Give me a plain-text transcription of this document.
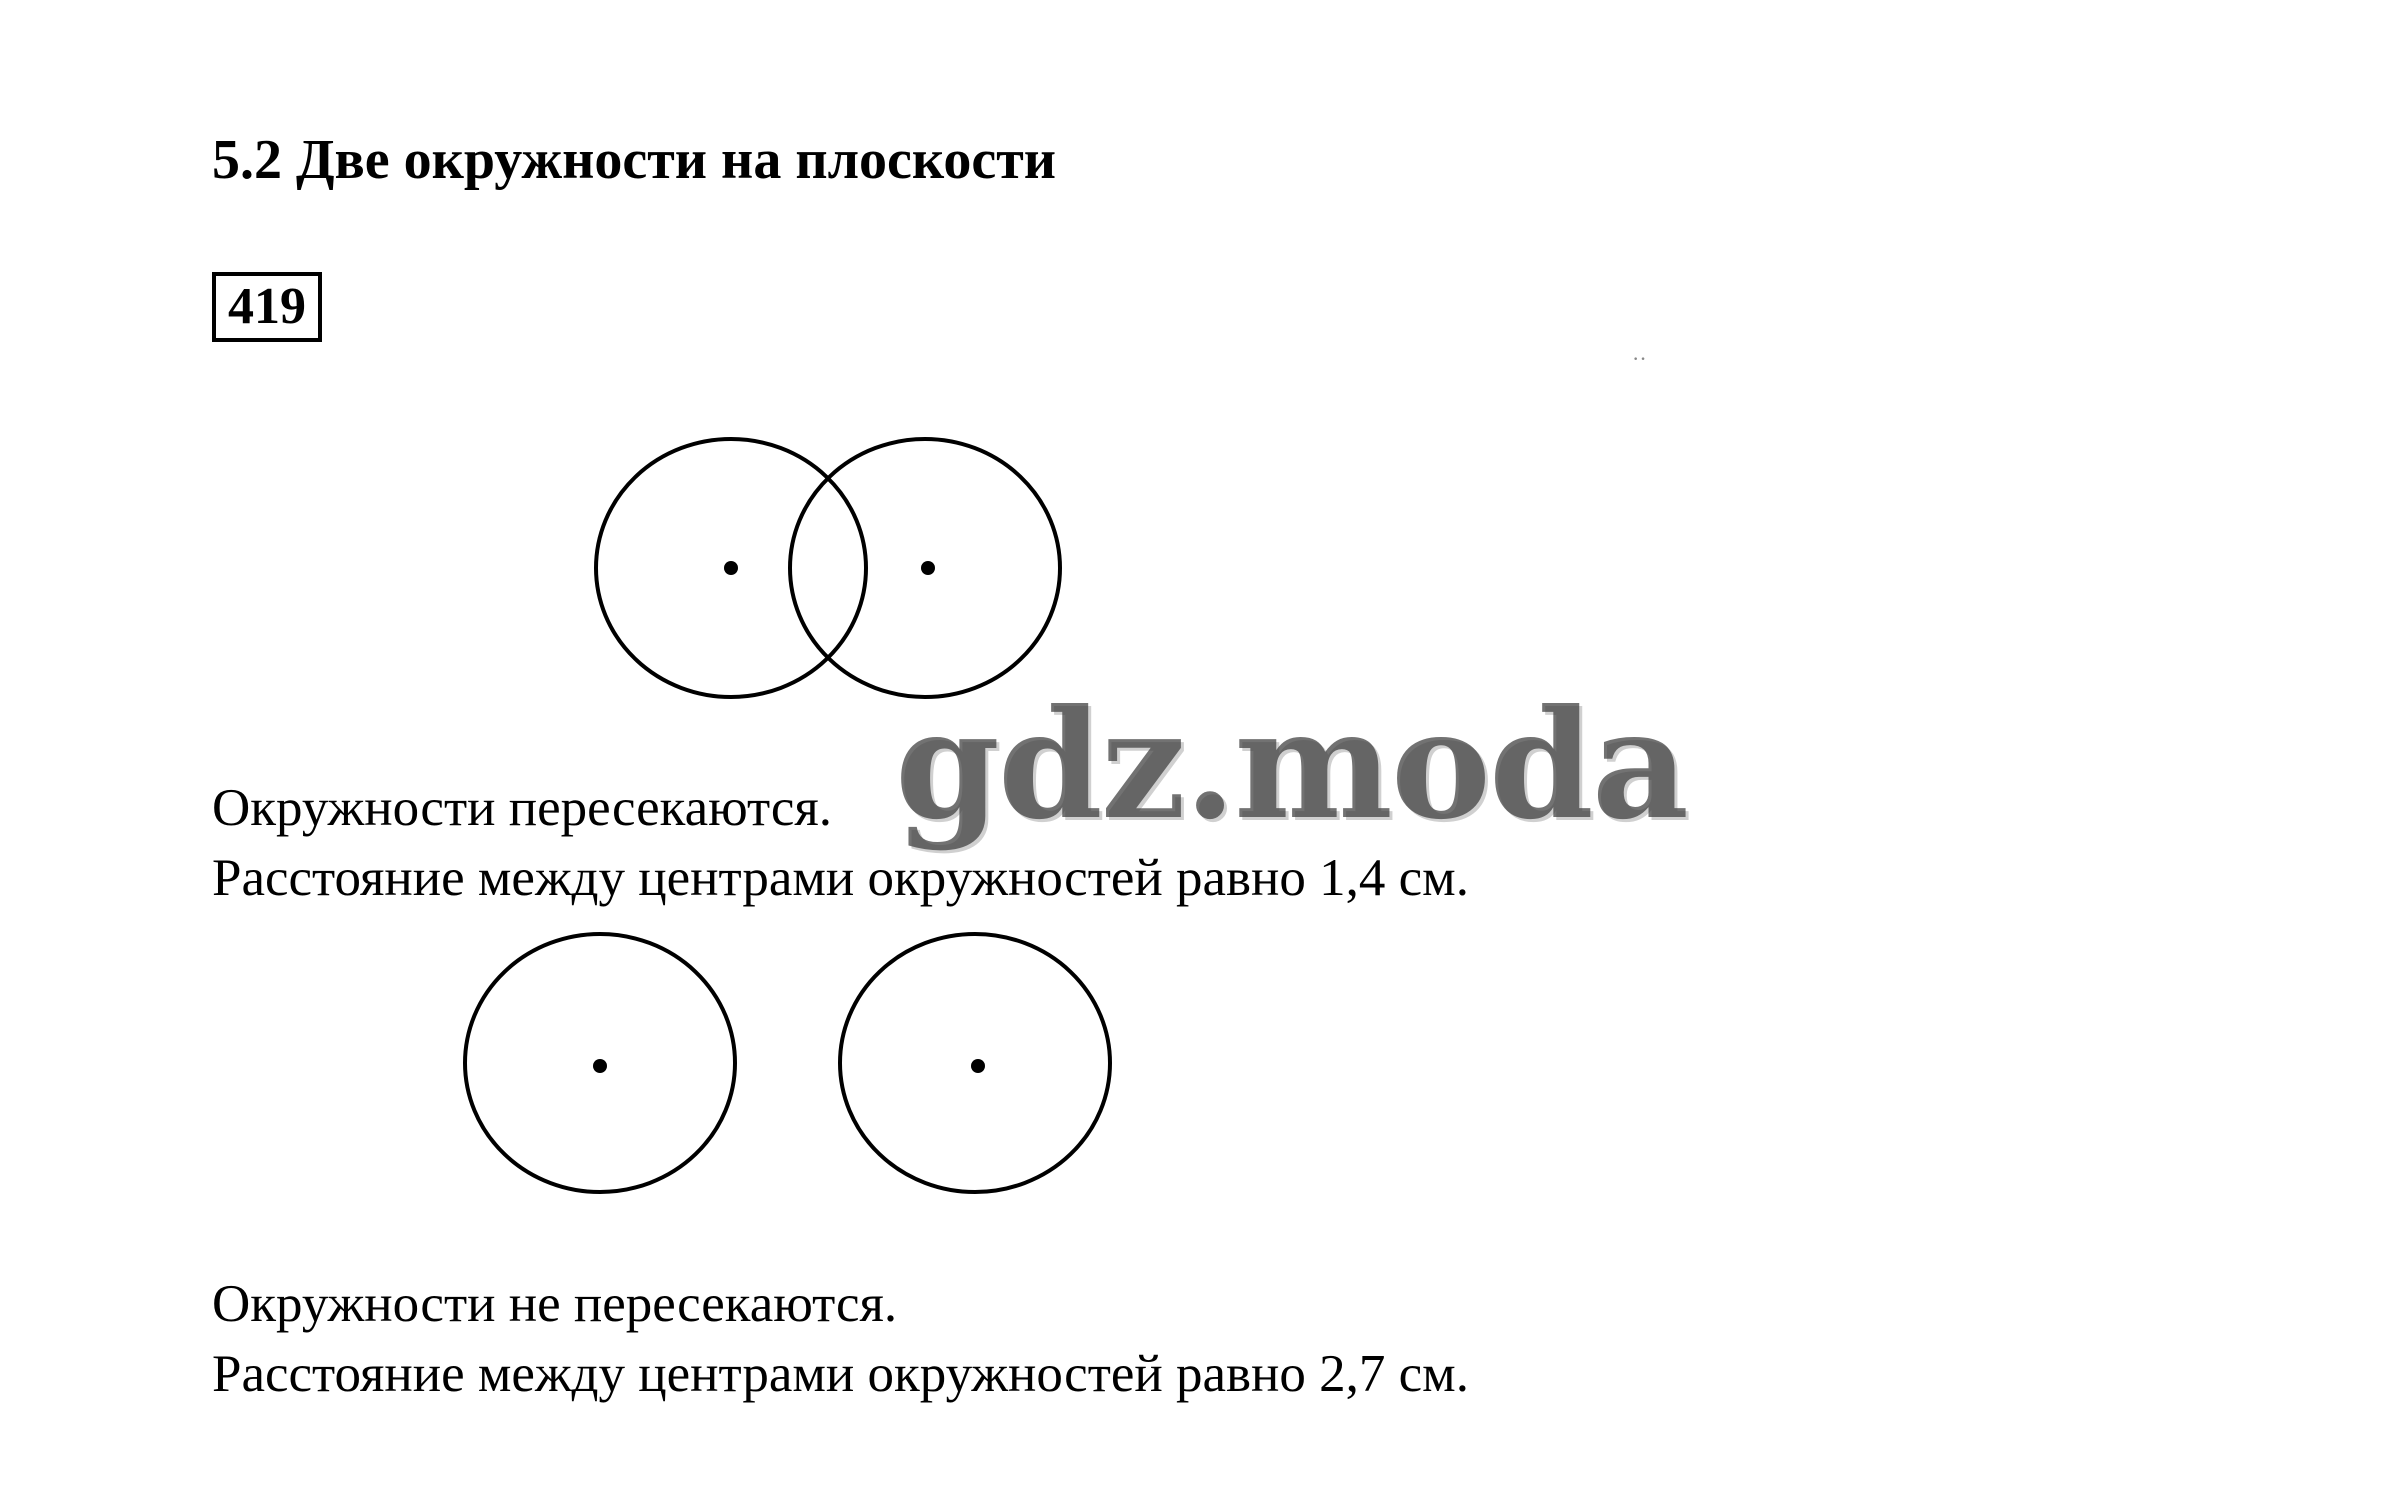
5.2 Две окружности на плоскости
419
··
Окружности пересекаются.
Расстояние между центрами окружностей равно 1,4 см.
Окружности не пересекаются.
Расстояние между центрами окружностей равно 2,7 см.
gdz.moda
